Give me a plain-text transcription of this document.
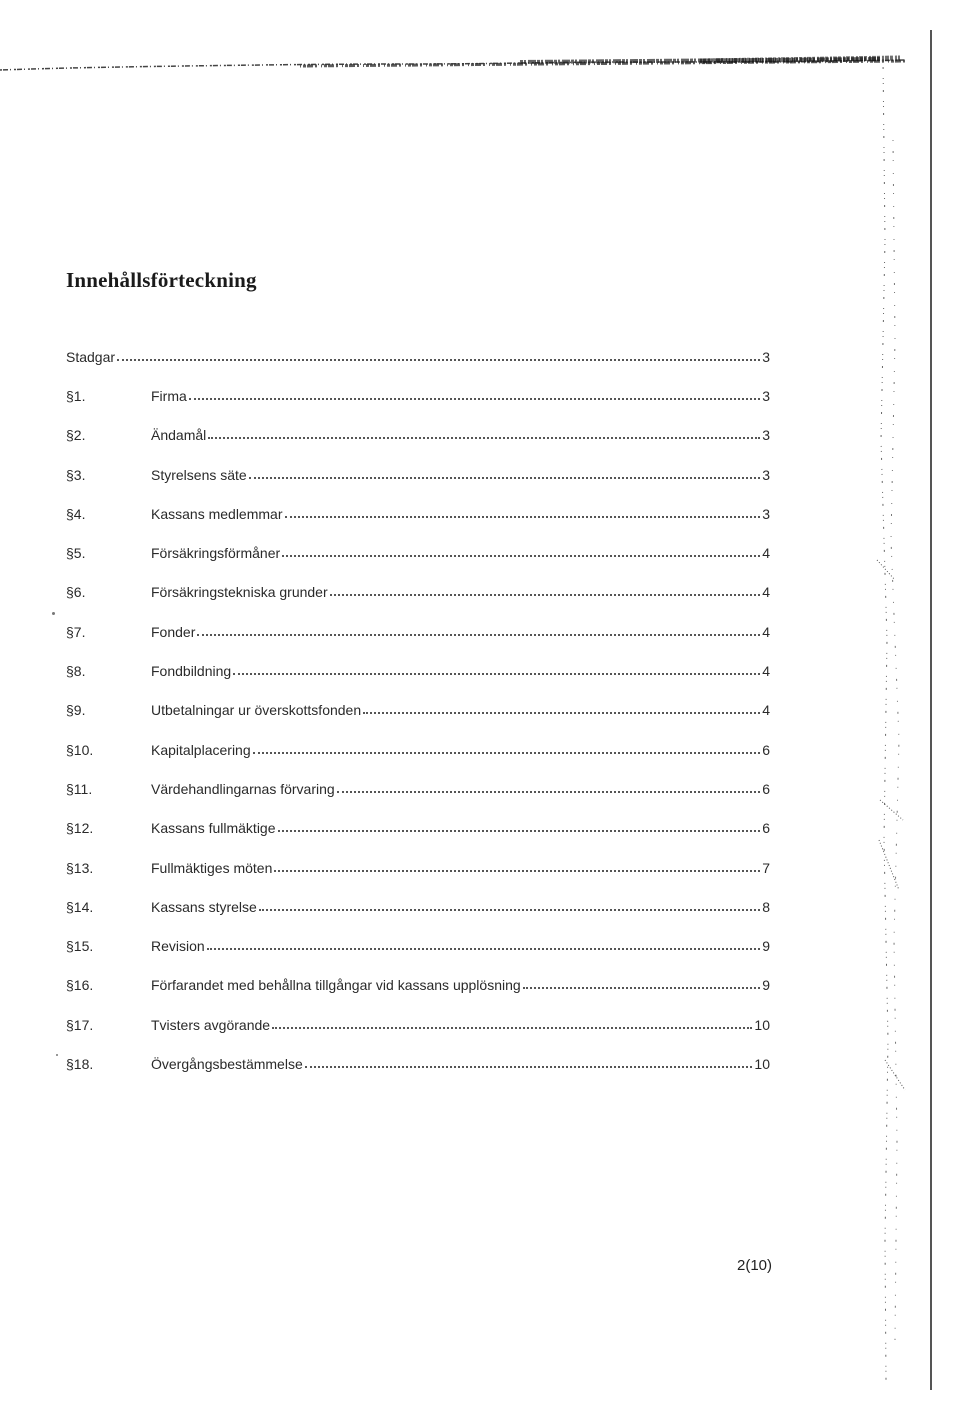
Innehållsförteckning
Stadgar	3
§1.	Firma	3
§2.	Ändamål	3
§3.	Styrelsens säte	3
§4.	Kassans medlemmar	3
§5.	Försäkringsförmåner	4
§6.	Försäkringstekniska grunder	4
§7.	Fonder	4
§8.	Fondbildning	4
§9.	Utbetalningar ur överskottsfonden	4
§10.	Kapitalplacering	6
§11.	Värdehandlingarnas förvaring	6
§12.	Kassans fullmäktige	6
§13.	Fullmäktiges möten	7
§14.	Kassans styrelse	8
§15.	Revision	9
§16.	Förfarandet med behållna tillgångar vid kassans upplösning	9
§17.	Tvisters avgörande	10
§18.	Övergångsbestämmelse	10
2(10)
